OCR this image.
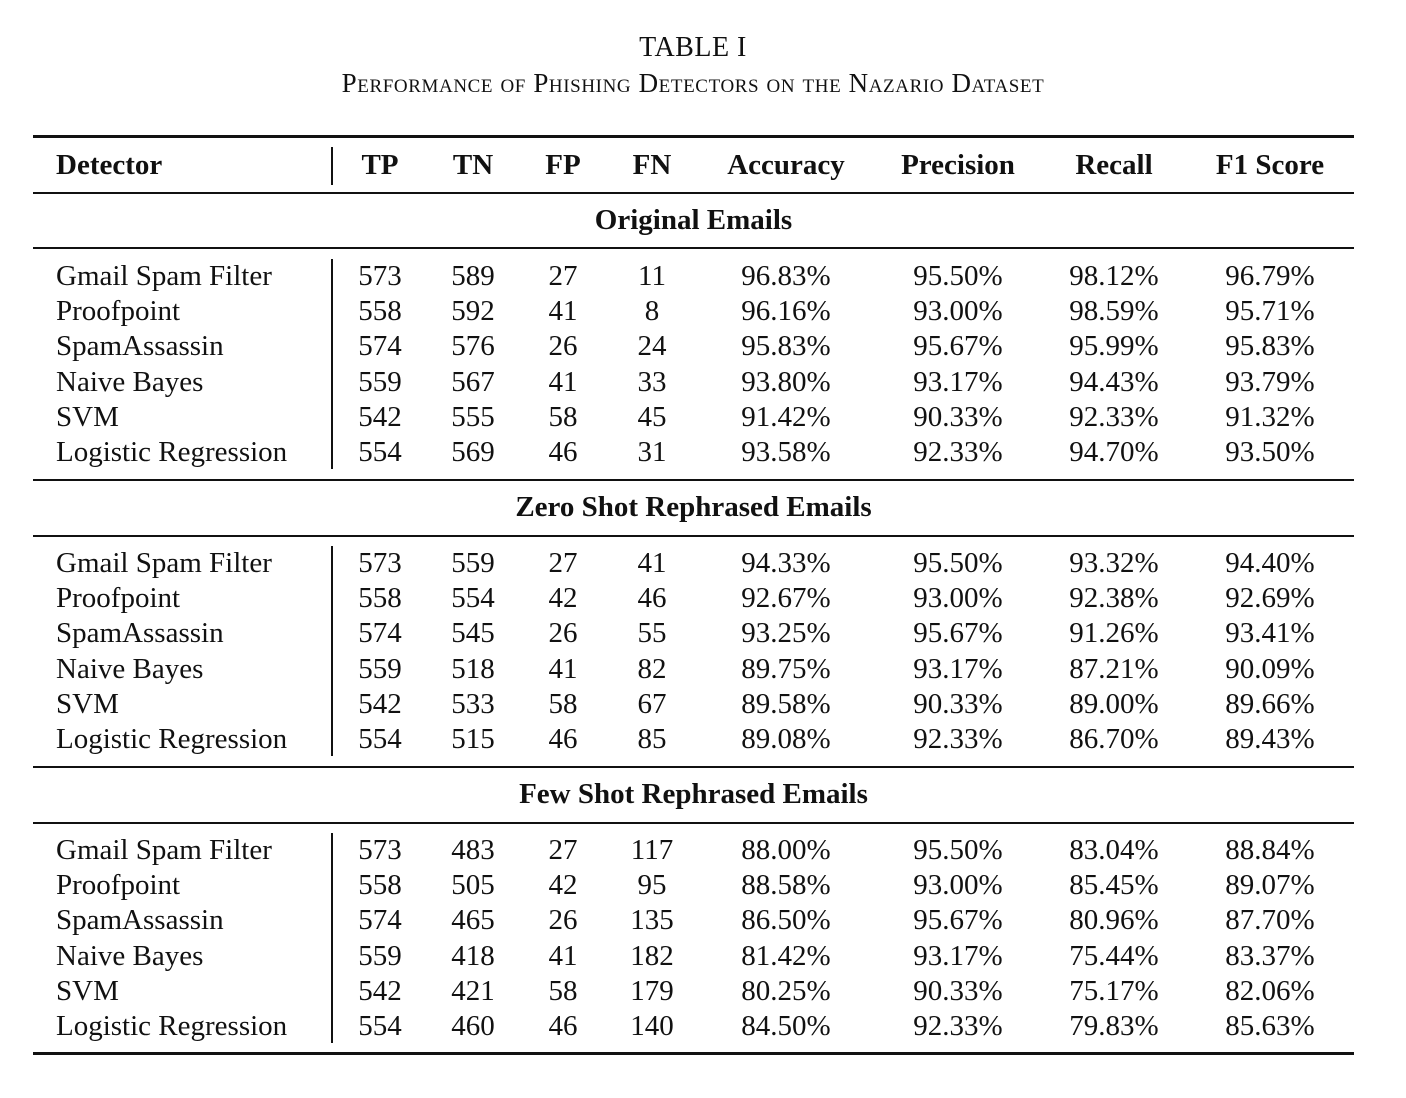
TABLE I
Performance of Phishing Detectors on the Nazario Dataset
Detector	TP TN FP FN Accuracy Precision Recall F1 Score
Original Emails
Gmail Spam Filter	573 589 27 11	96.83%	95.50% 98.12% 96.79%
Proofpoint	558 592 41 8	96.16%	93.00% 98.59% 95.71%
SpamAssassin	574 576 26 24	95.83%	95.67% 95.99% 95.83%
Naive Bayes	559 567 41 33	93.80%	93.17% 94.43% 93.79%
SVM	542 555 58 45	91.42%	90.33% 92.33% 91.32%
Logistic Regression 554 569 46 31	93.58%	92.33% 94.70% 93.50%
Zero Shot Rephrased Emails
Gmail Spam Filter	573 559 27 41	94.33%	95.50% 93.32% 94.40%
Proofpoint	558 554 42 46	92.67%	93.00% 92.38% 92.69%
SpamAssassin	574 545 26 55	93.25%	95.67% 91.26% 93.41%
Naive Bayes	559 518 41 82	89.75%	93.17% 87.21% 90.09%
SVM	542 533 58 67	89.58%	90.33% 89.00% 89.66%
Logistic Regression 554 515 46 85	89.08%	92.33% 86.70% 89.43%
Few Shot Rephrased Emails
Gmail Spam Filter	573 483 27 117 88.00%	95.50% 83.04% 88.84%
Proofpoint	558 505 42 95	88.58%	93.00% 85.45% 89.07%
SpamAssassin	574 465 26 135 86.50%	95.67% 80.96% 87.70%
Naive Bayes	559 418 41 182 81.42%	93.17% 75.44% 83.37%
SVM	542 421 58 179 80.25%	90.33% 75.17% 82.06%
Logistic Regression 554 460 46 140 84.50%	92.33% 79.83% 85.63%
